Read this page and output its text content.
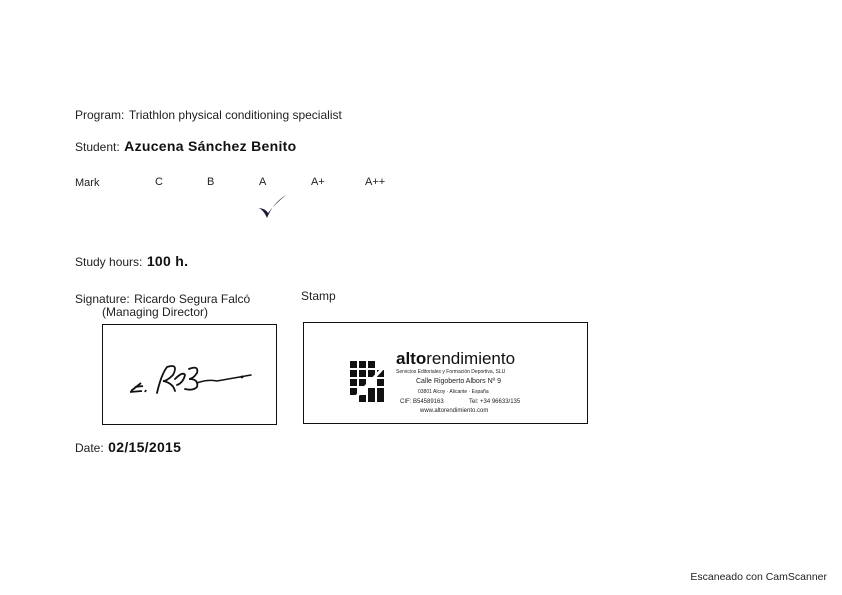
Program: Triathlon physical conditioning specialist
Student: Azucena Sánchez Benito
Mark	C	B	A	A+	A++
Study hours: 100 h.
Signature: Ricardo Segura Falcó
(Managing Director)
Stamp
altorendimiento
Servicios Editoriales y Formación Deportiva, SLU
Calle Rigoberto Albors Nº 9
03801 Alcoy · Alicante · España
CIF: B54589163	Tel: +34 96633/135
www.altorendimiento.com
Date: 02/15/2015
Escaneado con CamScanner
